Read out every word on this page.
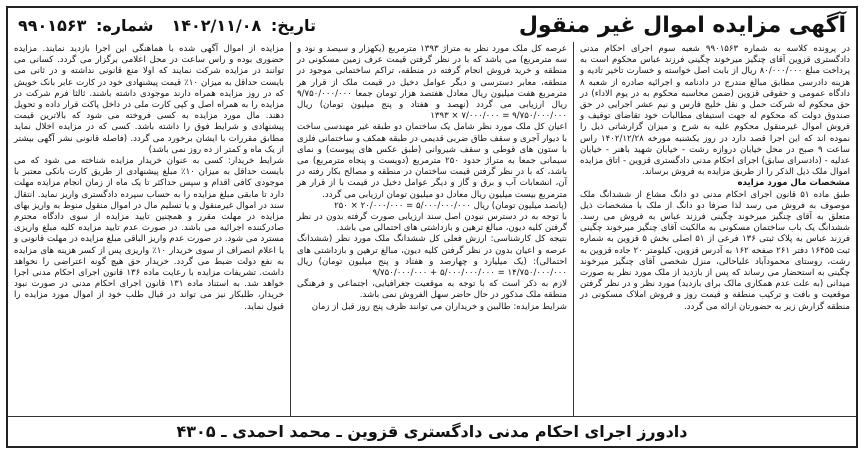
آگهی مزایده اموال غیر منقول
تاریخ: ۱۴۰۲/۱۱/۰۸
شماره: ۹۹۰۱۵۶۳

در پرونده کلاسه به شماره ۹۹۰۱۵۶۳ شعبه سوم اجرای احکام مدنی دادگستری قزوین آقای چنگیز میرخوند چگینی فرزند عباس محکوم است به پرداخت مبلغ ۸۰/۰۰۰/۰۰۰ ریال از بابت اصل خواسته و خسارت تاخیر تادیه و هزینه دادرسی مطابق مبالغ مندرج در دادنامه و اجرائیه صادره از شعبه ۸ دادگاه عمومی و حقوقی قزوین (ضمن محاسبه محکوم به در یوم الاداء) در حق محکوم له شرکت حمل و نقل خلیج فارس و نیم عشر اجرایی در حق صندوق دولت که محکوم له جهت استیفای مطالبات خود تقاضای توقیف و فروش اموال غیرمنقول محکوم علیه به شرح و میزان گزارشاتی ذیل را نموده اند که این اجرا قصد دارد در روز یکشنبه مورخه ۱۴۰۲/۱۲/۲۸ راس ساعت ۹ صبح در محل خیابان دروازه رشت - خیابان شهید باهنر - خیابان عدلیه - (دادسرای سابق) اجرای احکام مدنی دادگستری قزوین - اتاق مزایده اموال ملک ذیل الذکر را از طریق مزایده به فروش برساند.

مشخصات مال مورد مزایده

طبق ماده ۵۱ قانون اجرای احکام مدنی دو دانگ مشاع از ششدانگ ملک موصوف به فروش می رسد لذا صرفا دو دانگ از ملک با مشخصات ذیل متعلق به آقای چنگیز میرخوند چگینی فرزند عباس به فروش می رسد. ششدانگ یک باب ساختمان مسکونی به مالکیت آقای چنگیز میرخوند چگینی فرزند عباس به پلاک ثبتی ۱۳۶ فرعی از ۵۱ اصلی بخش ۵ قزوین به شماره ثبت ۱۶۴۵۵ دفتر ۲۶۱ صفحه ۱۶۲ به آدرس قزوین، کیلومتر ۲۰ جاده قزوین به رشت، روستای محمودآباد علیاحالی، منزل شخصی آقای چنگیز میرخوند چگینی به استحضار می رساند که پس از بازدید از ملک مورد نظر به صورت میدانی (به علت عدم همکاری مالک برای بازدید) مورد نظر و در نظر گرفتن موقعیت و بافت و ترکیب منطقه و قیمت روز و فروش املاک مسکونی در منطقه گزارش زیر به حضورتان ارائه می گردد.

عرصه کل ملک مورد نظر به متراژ ۱۳۹۳ مترمربع (یکهزار و سیصد و نود و سه مترمربع) می باشد که با در نظر گرفتن قیمت عرف زمین مسکونی در منطقه و خرید فروش انجام گرفته در منطقه، تراکم ساختمانی موجود در منطقه، معابر دسترسی و دیگر عوامل دخیل در قیمت ملک از قرار هر مترمربع هفت میلیون ریال معادل هفتصد هزار تومان جمعا ۹/۷۵۰/۰۰۰/۰۰۰ ریال ارزیابی می گردد (نهصد و هفتاد و پنج میلیون تومان) ریال ۹/۷۵۰/۰۰۰/۰۰۰ = ۷/۰۰۰/۰۰۰ × ۱۳۹۳

اعیان کل ملک مورد نظر شامل یک ساختمان دو طبقه غیر مهندسی ساخت با دیوار آجری و سقف طاق ضربی قدیمی در طبقه همکف و ساختمانی فلزی با ستون های قوطی و سقف شیروانی (طبق عکس های پیوست) و نمای سیمانی جمعا به متراژ حدود ۲۵۰ مترمربع (دویست و پنجاه مترمربع) می باشد، که با در نظر گرفتن قیمت ساختمان در منطقه و مصالح بکار رفته در آن، انشعابات آب و برق و گاز و دیگر عوامل دخیل در قیمت با از قرار هر مترمربع بیست میلیون ریال معادل دو میلیون تومان ارزیابی می گردد.

(پانصد میلیون تومان) ریال ۵/۰۰۰/۰۰۰/۰۰۰ = ۲۰/۰۰۰/۰۰۰ × ۲۵۰

با توجه به در دسترس نبودن اصل سند ارزیابی صورت گرفته بدون در نظر گرفتن کلیه دیون، مبالغ ترهین و بازداشتی های احتمالی می باشد.

نتیجه کل کارشناسی: ارزش فعلی کل ششدانگ ملک مورد نظر (ششدانگ عرصه و اعیان بدون در نظر گرفتن کلیه دیون، مبالغ ترهین و بازداشتی های احتمالی): (یک میلیارد و چهارصد و هفتاد و پنج میلیون تومان) ریال ۱۴/۷۵۰/۰۰۰/۰۰۰ = ۵/۰۰۰/۰۰۰/۰۰۰ + ۹/۷۵۰/۰۰۰/۰۰۰

لازم به ذکر است که با توجه به موقعیت جغرافیایی، اجتماعی و فرهنگی منطقه ملک مذکور در حال حاضر سهل الفروش نمی باشد.

شرایط مزایده: طالبین و خریداران می توانند ظرف پنج روز قبل از زمان

مزایده از اموال آگهی شده با هماهنگی این اجرا بازدید نمایند. مزایده حضوری بوده و راس ساعت در محل اعلامی برگزار می گردد. کسانی می توانند در مزایده شرکت نمایند که اولا منع قانونی نداشته و در ثانی می بایست حداقل به میزان ۱۰٪ قیمت پیشنهادی خود در کارت عابر بانک خویش که در روز مزایده همراه دارند موجودی داشته باشند. ثالثا فرم شرکت در مزایده را به همراه اصل و کپی کارت ملی در داخل پاکت قرار داده و تحویل دهند. مال مورد مزایده به کسی فروخته می شود که بالاترین قیمت پیشنهادی و شرایط فوق را داشته باشد. کسی که در مزایده اخلال نماید مطابق مقررات با ایشان برخورد می گردد. (فاصله قانونی نشر آگهی بیشتر از یک ماه و کمتر از ده روز نمی باشد)

شرایط خریدار: کسی به عنوان خریدار مزایده شناخته می شود که می بایست حداقل به میزان ۱۰٪ مبلغ پیشنهادی از طریق کارت بانکی معتبر با موجودی کافی اقدام و سپس حداکثر تا یک ماه از زمان انجام مزایده مهلت دارد تا مابقی مبلغ مزایده را به حساب سپرده دادگستری واریز نماید. انتقال سند در اموال غیرمنقول و یا تسلیم مال در اموال منقول منوط به واریز بهای مزایده در مهلت مقرر و همچنین تایید مزایده از سوی دادگاه محترم صادرکننده اجرائیه می باشد. در صورت عدم تایید مزایده کلیه مبلغ واریزی مسترد می شود. در صورت عدم واریز الباقی مبلغ مزایده در مهلت قانونی و یا اعلام انصراف از سوی خریدار ۱۰٪ واریزی پس از کسر هزینه های مزایده به نفع دولت ضبط می گردد. خریدار حق هیچ گونه اعتراضی را نخواهد داشت. تشریفات مزایده با رعایت ماده ۱۳۶ قانون اجرای احکام مدنی اجرا خواهد شد. به استناد ماده ۱۳۱ قانون اجرای احکام مدنی در صورت نبود خریدار، طلبکار نیز می تواند در قبال طلب خود از اموال مورد مزایده را قبول نماید.

دادورز اجرای احکام مدنی دادگستری قزوین ـ محمد احمدی ـ ۴۳۰۵
